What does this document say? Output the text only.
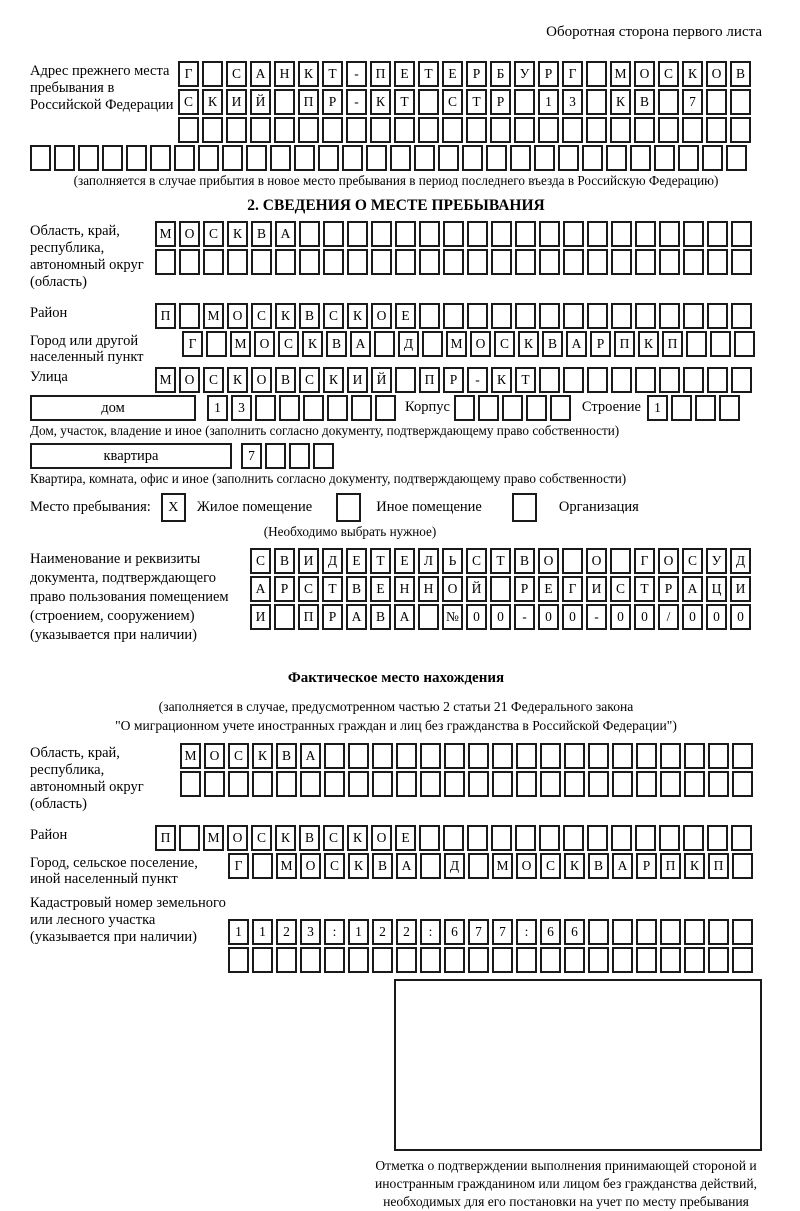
Оборотная сторона первого листа
Адрес прежнего места пребывания в Российской Федерации
Г	С	А	Н	К	Т	-	П	Е	Т	Е	Р	Б	У	Р	Г	М О	С	К	О	В
С	К	И	Й	П	Р	-	К	Т	С	Т	Р	1	3	К	В	7
(заполняется в случае прибытия в новое место пребывания в период последнего въезда в Российскую Федерацию)
2. СВЕДЕНИЯ О МЕСТЕ ПРЕБЫВАНИЯ
Область, край, республика, автономный округ (область)
М О	С	К	В	А
Район	П	М О	С	К	В	С	К	О	Е
Город или другой населенный пункт
Г	М О	С	К	В	А	Д	М О	С	К	В	А	Р	П	К	П
Улица	М О	С	К	О	В	С	К	И	Й	П	Р	-	К	Т
дом	1	3	Корпус	Строение 1
Дом, участок, владение и иное (заполнить согласно документу, подтверждающему право собственности)
квартира	7
Квартира, комната, офис и иное (заполнить согласно документу, подтверждающему право собственности)
Место пребывания:	X	Жилое помещение	Иное помещение	Организация
(Необходимо выбрать нужное)
Наименование и реквизиты документа, подтверждающего право пользования помещением (строением, сооружением) (указывается при наличии)
С	В	И	Д	Е	Т	Е	Л	Ь	С	Т	В	О	О	Г	О	С	У	Д
А	Р	С	Т	В	Е	Н	Н	О	Й	Р	Е	Г	И	С	Т	Р	А	Ц	И
И	П	Р	А	В	А	№	0	0	-	0	0	-	0	0	/	0	0	0
Фактическое место нахождения
(заполняется в случае, предусмотренном частью 2 статьи 21 Федерального закона
"О миграционном учете иностранных граждан и лиц без гражданства в Российской Федерации")
Область, край, республика, автономный округ (область)
М О	С	К	В	А
Район	П	М О	С	К	В	С	К	О	Е
Город, сельское поселение, иной населенный пункт
Г	М О	С	К	В	А	Д	М О	С	К	В	А	Р	П	К	П
Кадастровый номер земельного или лесного участка (указывается при наличии)	1	1	2	3	:	1	2	2	:	6	7	7	:	6	6
Отметка о подтверждении выполнения принимающей стороной и иностранным гражданином или лицом без гражданства действий, необходимых для его постановки на учет по месту пребывания
